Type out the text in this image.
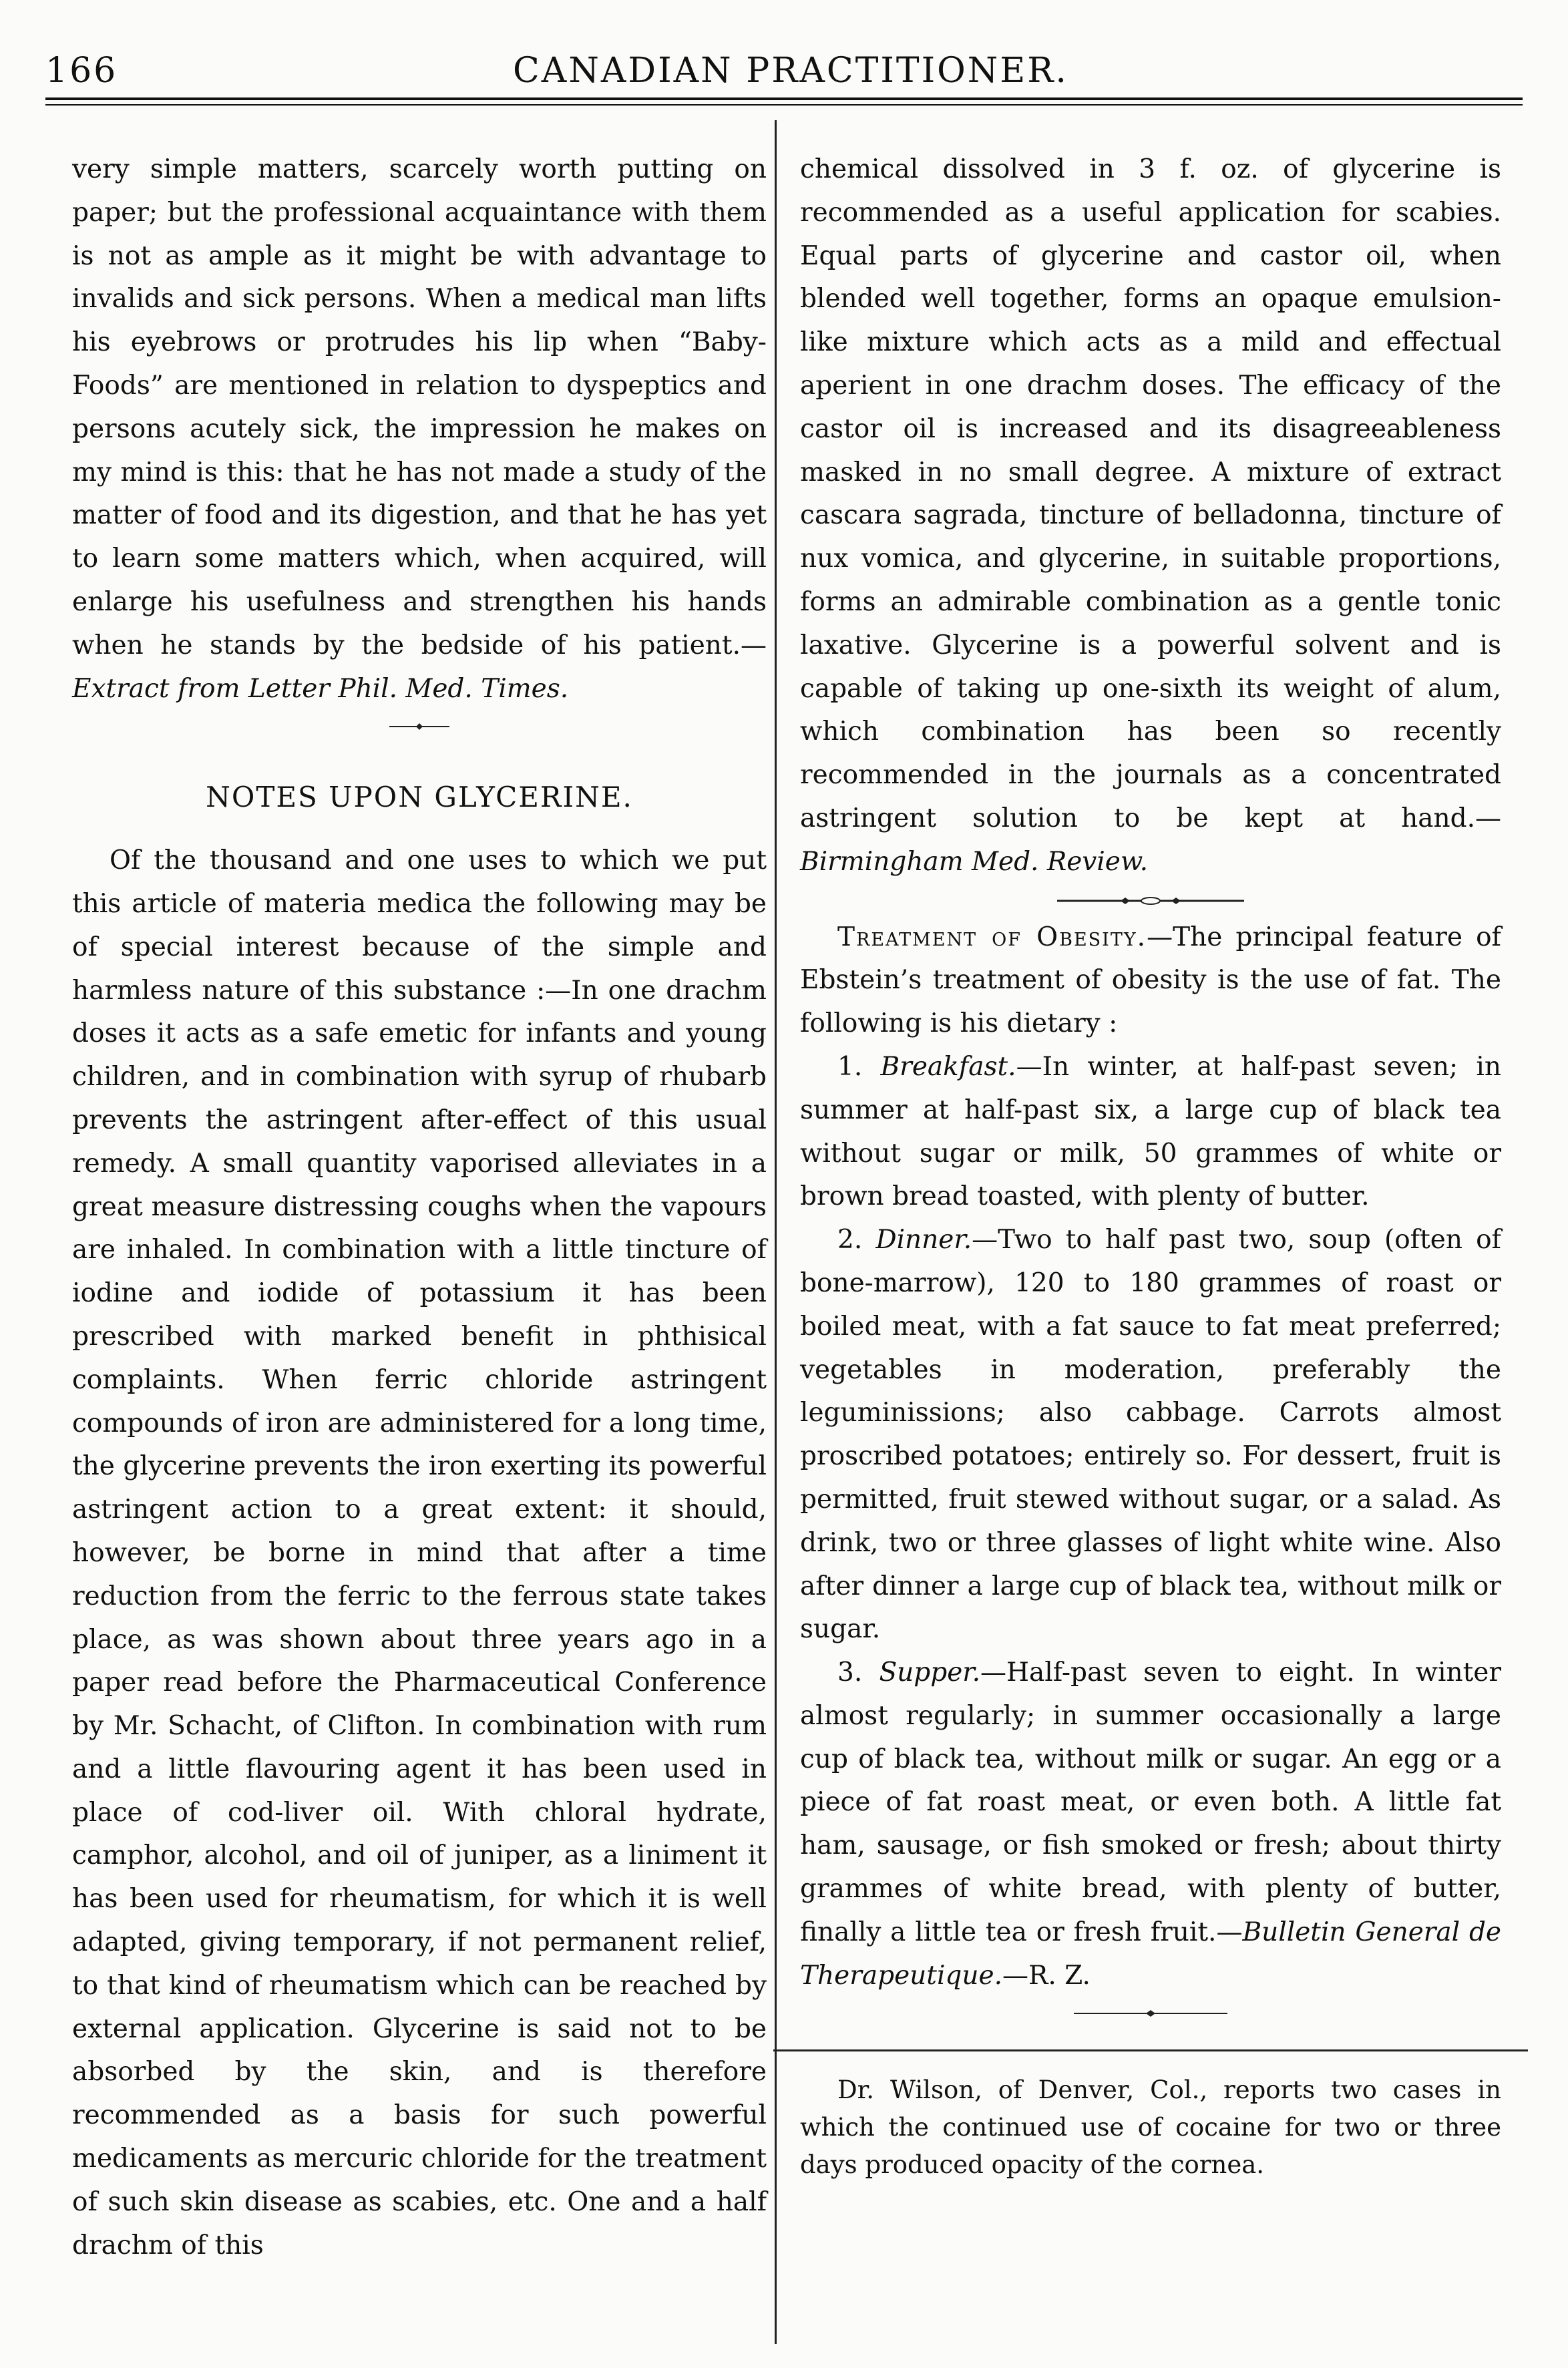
166	CANADIAN PRACTITIONER.

very simple matters, scarcely worth putting on paper; but the professional acquaintance with them is not as ample as it might be with advantage to invalids and sick persons. When a medical man lifts his eyebrows or protrudes his lip when “Baby-Foods” are mentioned in relation to dyspeptics and persons acutely sick, the impression he makes on my mind is this: that he has not made a study of the matter of food and its digestion, and that he has yet to learn some matters which, when acquired, will enlarge his usefulness and strengthen his hands when he stands by the bedside of his patient.— Extract from Letter Phil. Med. Times.

NOTES UPON GLYCERINE.

Of the thousand and one uses to which we put this article of materia medica the following may be of special interest because of the simple and harmless nature of this substance :—In one drachm doses it acts as a safe emetic for infants and young children, and in combination with syrup of rhubarb prevents the astringent after-effect of this usual remedy. A small quantity vaporised alleviates in a great measure distressing coughs when the vapours are inhaled. In combination with a little tincture of iodine and iodide of potassium it has been prescribed with marked benefit in phthisical complaints. When ferric chloride astringent compounds of iron are administered for a long time, the glycerine prevents the iron exerting its powerful astringent action to a great extent: it should, however, be borne in mind that after a time reduction from the ferric to the ferrous state takes place, as was shown about three years ago in a paper read before the Pharmaceutical Conference by Mr. Schacht, of Clifton. In combination with rum and a little flavouring agent it has been used in place of cod-liver oil. With chloral hydrate, camphor, alcohol, and oil of juniper, as a liniment it has been used for rheumatism, for which it is well adapted, giving temporary, if not permanent relief, to that kind of rheumatism which can be reached by external application. Glycerine is said not to be absorbed by the skin, and is therefore recommended as a basis for such powerful medicaments as mercuric chloride for the treatment of such skin disease as scabies, etc. One and a half drachm of this

chemical dissolved in 3 f. oz. of glycerine is recommended as a useful application for scabies. Equal parts of glycerine and castor oil, when blended well together, forms an opaque emulsion-like mixture which acts as a mild and effectual aperient in one drachm doses. The efficacy of the castor oil is increased and its disagreeableness masked in no small degree. A mixture of extract cascara sagrada, tincture of belladonna, tincture of nux vomica, and glycerine, in suitable proportions, forms an admirable combination as a gentle tonic laxative. Glycerine is a powerful solvent and is capable of taking up one-sixth its weight of alum, which combination has been so recently recommended in the journals as a concentrated astringent solution to be kept at hand.— Birmingham Med. Review.

Treatment of Obesity.—The principal feature of Ebstein’s treatment of obesity is the use of fat. The following is his dietary :

1. Breakfast.—In winter, at half-past seven; in summer at half-past six, a large cup of black tea without sugar or milk, 50 grammes of white or brown bread toasted, with plenty of butter.

2. Dinner.—Two to half past two, soup (often of bone-marrow), 120 to 180 grammes of roast or boiled meat, with a fat sauce to fat meat preferred; vegetables in moderation, preferably the leguminissions; also cabbage. Carrots almost proscribed potatoes; entirely so. For dessert, fruit is permitted, fruit stewed without sugar, or a salad. As drink, two or three glasses of light white wine. Also after dinner a large cup of black tea, without milk or sugar.

3. Supper.—Half-past seven to eight. In winter almost regularly; in summer occasionally a large cup of black tea, without milk or sugar. An egg or a piece of fat roast meat, or even both. A little fat ham, sausage, or fish smoked or fresh; about thirty grammes of white bread, with plenty of butter, finally a little tea or fresh fruit.—Bulletin General de Therapeutique.—R. Z.

Dr. Wilson, of Denver, Col., reports two cases in which the continued use of cocaine for two or three days produced opacity of the cornea.
